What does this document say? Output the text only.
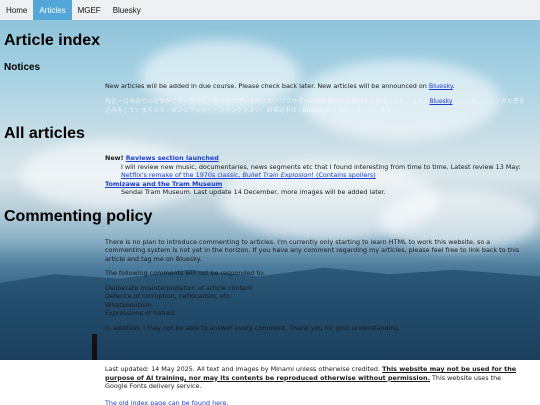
Home	Articles	MGEF	Bluesky
Article index
Notices
New articles will be added in due course. Please check back later. New articles will be announced on Bluesky.
現在・日本語での記事がございません。申し訳ございませんが・ブラウザーの機械翻訳拡張機能をご利用下さい。また・Blueskyにて日英バイリンガル書き込みをしていますので・ぜひごフォロー・コメント下さい。新着記事は・Blueskyにてお知らせいたします。
All articles
New! Reviews section launched
I will review new music, documentaries, news segments etc that I found interesting from time to time. Latest review 13 May:
Netflix's remake of the 1970s classic, Bullet Train Explosion! (Contains spoilers)
Tomizawa and the Tram Museum
Sendai Tram Museum. Last update 14 December, more images will be added later.
Commenting policy
There is no plan to introduce commenting to articles. I'm currently only starting to learn HTML to work this website, so a commenting system is not yet in the horizon. If you have any comment regarding my articles, please feel free to link back to this article and tag me on Bluesky.
The following comments will not be responded to:
Deliberate misinterpretation of article content
Defence of corruption, nationalism, etc.
Whataboutism
Expressions of hatred.
In addition, I may not be able to answer every comment. Thank you for your understanding.
Last updated: 14 May 2025. All text and images by Minami unless otherwise credited. This website may not be used for the purpose of AI training, nor may its contents be reproduced otherwise without permission. This website uses the Google Fonts delivery service.
The old index page can be found here.
